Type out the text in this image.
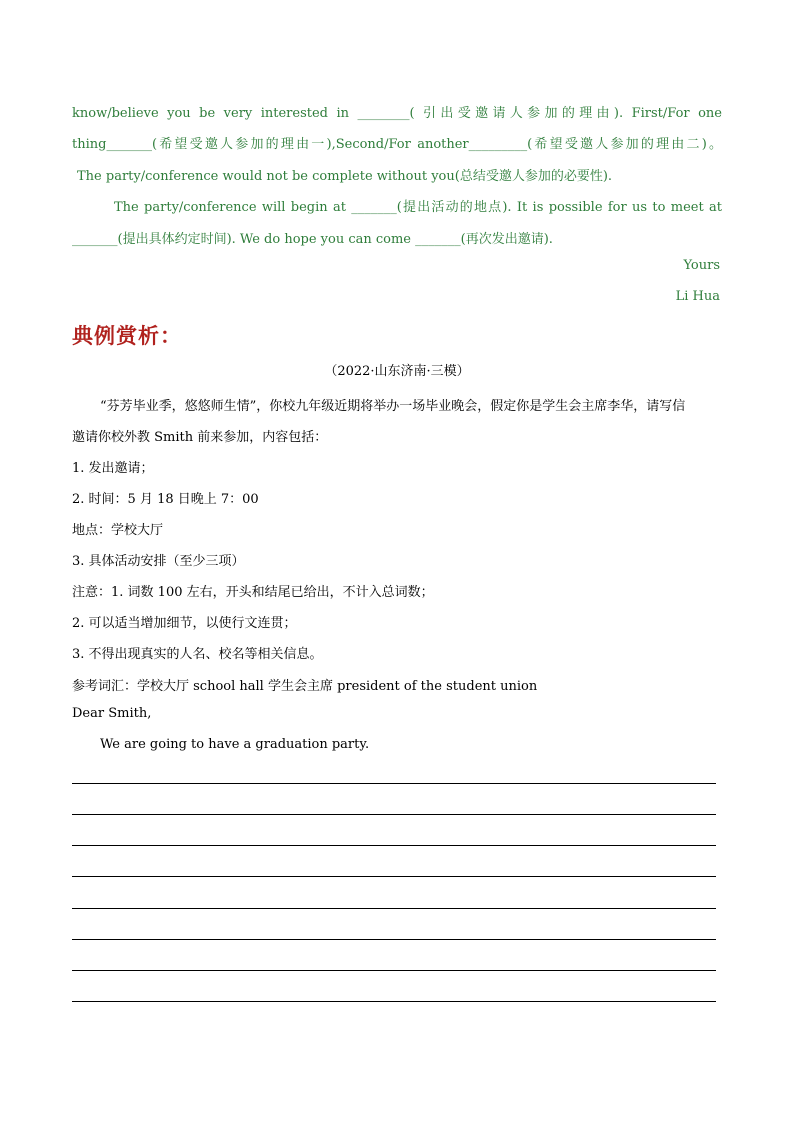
know/believe you be very interested in ________( 引出受邀请人参加的理由). First/For one
thing_______(希望受邀人参加的理由一),Second/For another_________(希望受邀人参加的理由二)。
The party/conference would not be complete without you(总结受邀人参加的必要性).
The party/conference will begin at _______(提出活动的地点). It is possible for us to meet at
_______(提出具体约定时间). We do hope you can come _______(再次发出邀请).
Yours
Li Hua
典例赏析：
（2022·山东济南·三模）
“芬芳毕业季，悠悠师生情”，你校九年级近期将举办一场毕业晚会，假定你是学生会主席李华，请写信
邀请你校外教 Smith 前来参加，内容包括：
1. 发出邀请；
2. 时间：5 月 18 日晚上 7：00
地点：学校大厅
3. 具体活动安排（至少三项）
注意：1. 词数 100 左右，开头和结尾已给出，不计入总词数；
2. 可以适当增加细节，以使行文连贯；
3. 不得出现真实的人名、校名等相关信息。
参考词汇：学校大厅 school hall 学生会主席 president of the student union
Dear Smith,
We are going to have a graduation party.
